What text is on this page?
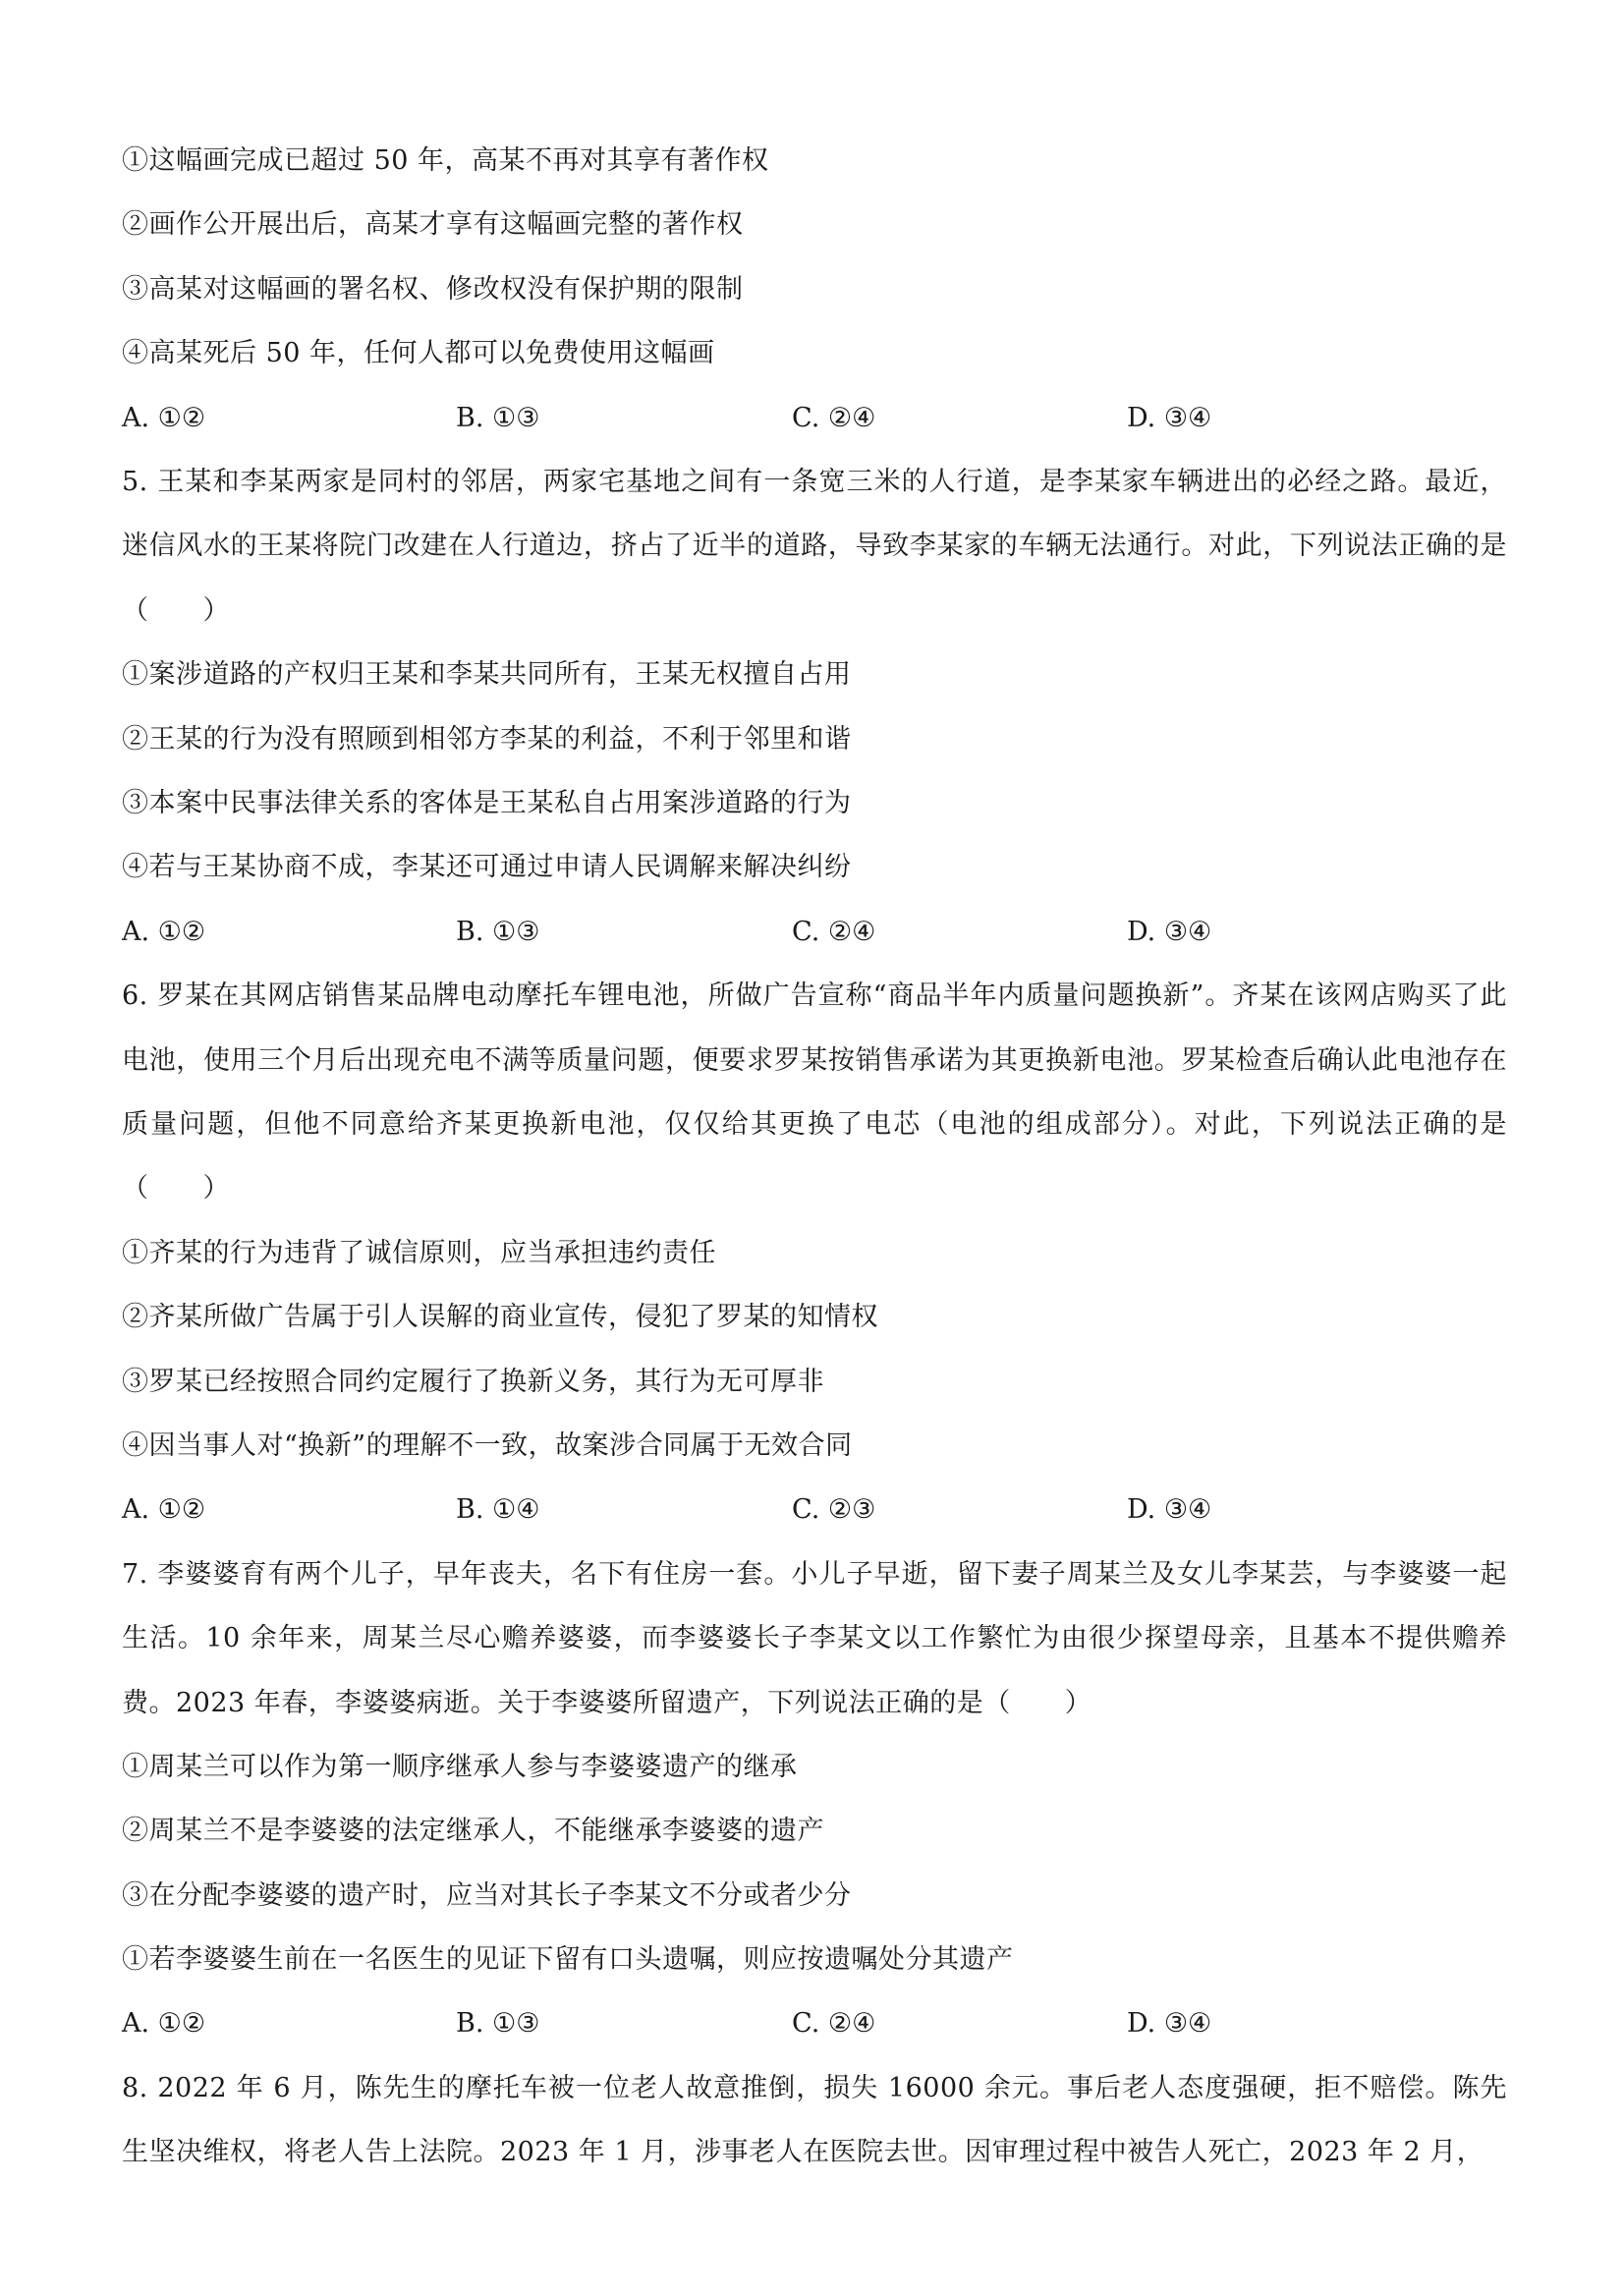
①这幅画完成已超过 50 年，高某不再对其享有著作权
②画作公开展出后，高某才享有这幅画完整的著作权
③高某对这幅画的署名权、修改权没有保护期的限制
④高某死后 50 年，任何人都可以免费使用这幅画
A. ①②	B. ①③	C. ②④	D. ③④
5. 王某和李某两家是同村的邻居，两家宅基地之间有一条宽三米的人行道，是李某家车辆进出的必经之路。最近，迷信风水的王某将院门改建在人行道边，挤占了近半的道路，导致李某家的车辆无法通行。对此，下列说法正确的是（　　）
①案涉道路的产权归王某和李某共同所有，王某无权擅自占用
②王某的行为没有照顾到相邻方李某的利益，不利于邻里和谐
③本案中民事法律关系的客体是王某私自占用案涉道路的行为
④若与王某协商不成，李某还可通过申请人民调解来解决纠纷
A. ①②	B. ①③	C. ②④	D. ③④
6. 罗某在其网店销售某品牌电动摩托车锂电池，所做广告宣称“商品半年内质量问题换新”。齐某在该网店购买了此电池，使用三个月后出现充电不满等质量问题，便要求罗某按销售承诺为其更换新电池。罗某检查后确认此电池存在质量问题，但他不同意给齐某更换新电池，仅仅给其更换了电芯（电池的组成部分）。对此，下列说法正确的是（　　）
①齐某的行为违背了诚信原则，应当承担违约责任
②齐某所做广告属于引人误解的商业宣传，侵犯了罗某的知情权
③罗某已经按照合同约定履行了换新义务，其行为无可厚非
④因当事人对“换新”的理解不一致，故案涉合同属于无效合同
A. ①②	B. ①④	C. ②③	D. ③④
7. 李婆婆育有两个儿子，早年丧夫，名下有住房一套。小儿子早逝，留下妻子周某兰及女儿李某芸，与李婆婆一起生活。10 余年来，周某兰尽心赡养婆婆，而李婆婆长子李某文以工作繁忙为由很少探望母亲，且基本不提供赡养费。2023 年春，李婆婆病逝。关于李婆婆所留遗产，下列说法正确的是（　　）
①周某兰可以作为第一顺序继承人参与李婆婆遗产的继承
②周某兰不是李婆婆的法定继承人，不能继承李婆婆的遗产
③在分配李婆婆的遗产时，应当对其长子李某文不分或者少分
①若李婆婆生前在一名医生的见证下留有口头遗嘱，则应按遗嘱处分其遗产
A. ①②	B. ①③	C. ②④	D. ③④
8. 2022 年 6 月，陈先生的摩托车被一位老人故意推倒，损失 16000 余元。事后老人态度强硬，拒不赔偿。陈先生坚决维权，将老人告上法院。2023 年 1 月，涉事老人在医院去世。因审理过程中被告人死亡，2023 年 2 月，
